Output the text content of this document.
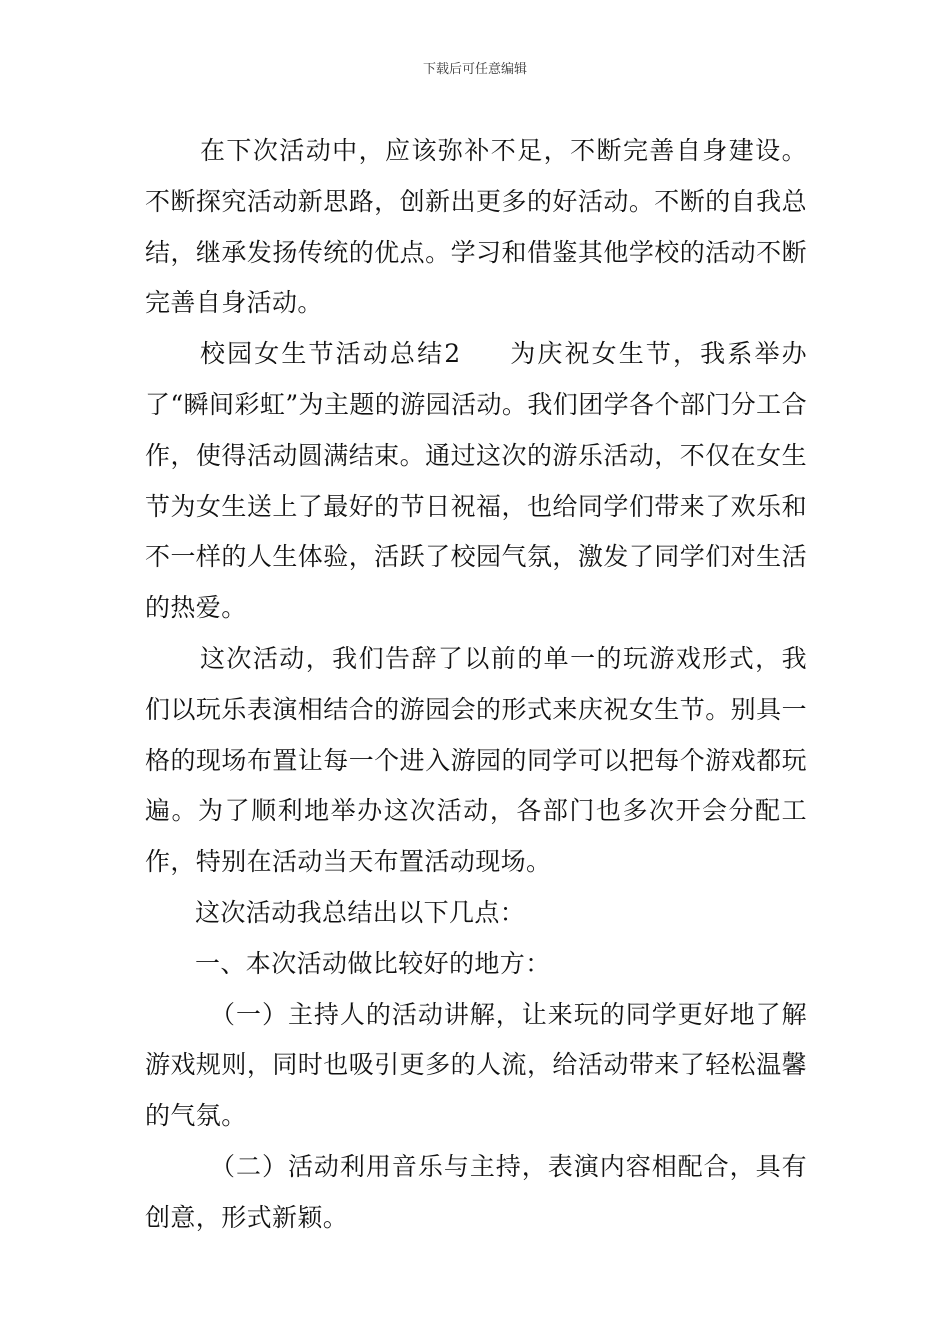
下载后可任意编辑

在下次活动中，应该弥补不足，不断完善自身建设。不断探究活动新思路，创新出更多的好活动。不断的自我总结，继承发扬传统的优点。学习和借鉴其他学校的活动不断完善自身活动。

校园女生节活动总结2 为庆祝女生节，我系举办了“瞬间彩虹”为主题的游园活动。我们团学各个部门分工合作，使得活动圆满结束。通过这次的游乐活动，不仅在女生节为女生送上了最好的节日祝福，也给同学们带来了欢乐和不一样的人生体验，活跃了校园气氛，激发了同学们对生活的热爱。

这次活动，我们告辞了以前的单一的玩游戏形式，我们以玩乐表演相结合的游园会的形式来庆祝女生节。别具一格的现场布置让每一个进入游园的同学可以把每个游戏都玩遍。为了顺利地举办这次活动，各部门也多次开会分配工作，特别在活动当天布置活动现场。

这次活动我总结出以下几点：

一、本次活动做比较好的地方：

（一）主持人的活动讲解，让来玩的同学更好地了解游戏规则，同时也吸引更多的人流，给活动带来了轻松温馨的气氛。

（二）活动利用音乐与主持，表演内容相配合，具有创意，形式新颖。
